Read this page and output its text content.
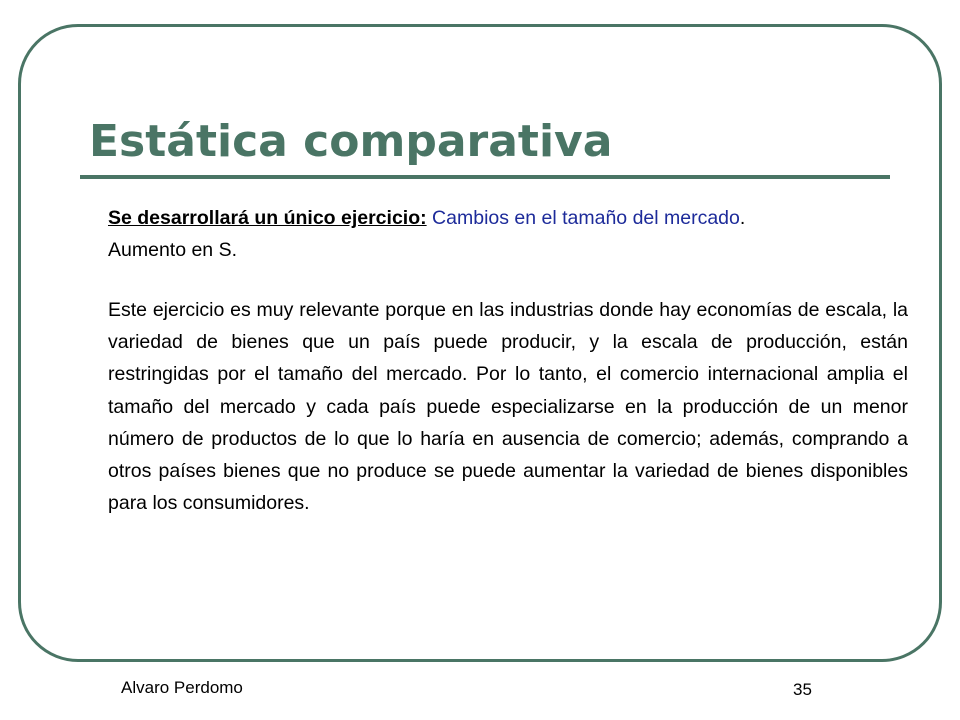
Estática comparativa

Se desarrollará un único ejercicio: Cambios en el tamaño del mercado.
Aumento en S.

Este ejercicio es muy relevante porque en las industrias donde hay economías de escala, la variedad de bienes que un país puede producir, y la escala de producción, están restringidas por el tamaño del mercado. Por lo tanto, el comercio internacional amplia el tamaño del mercado y cada país puede especializarse en la producción de un menor número de productos de lo que lo haría en ausencia de comercio; además, comprando a otros países bienes que no produce se puede aumentar la variedad de bienes disponibles para los consumidores.

Alvaro Perdomo	35
